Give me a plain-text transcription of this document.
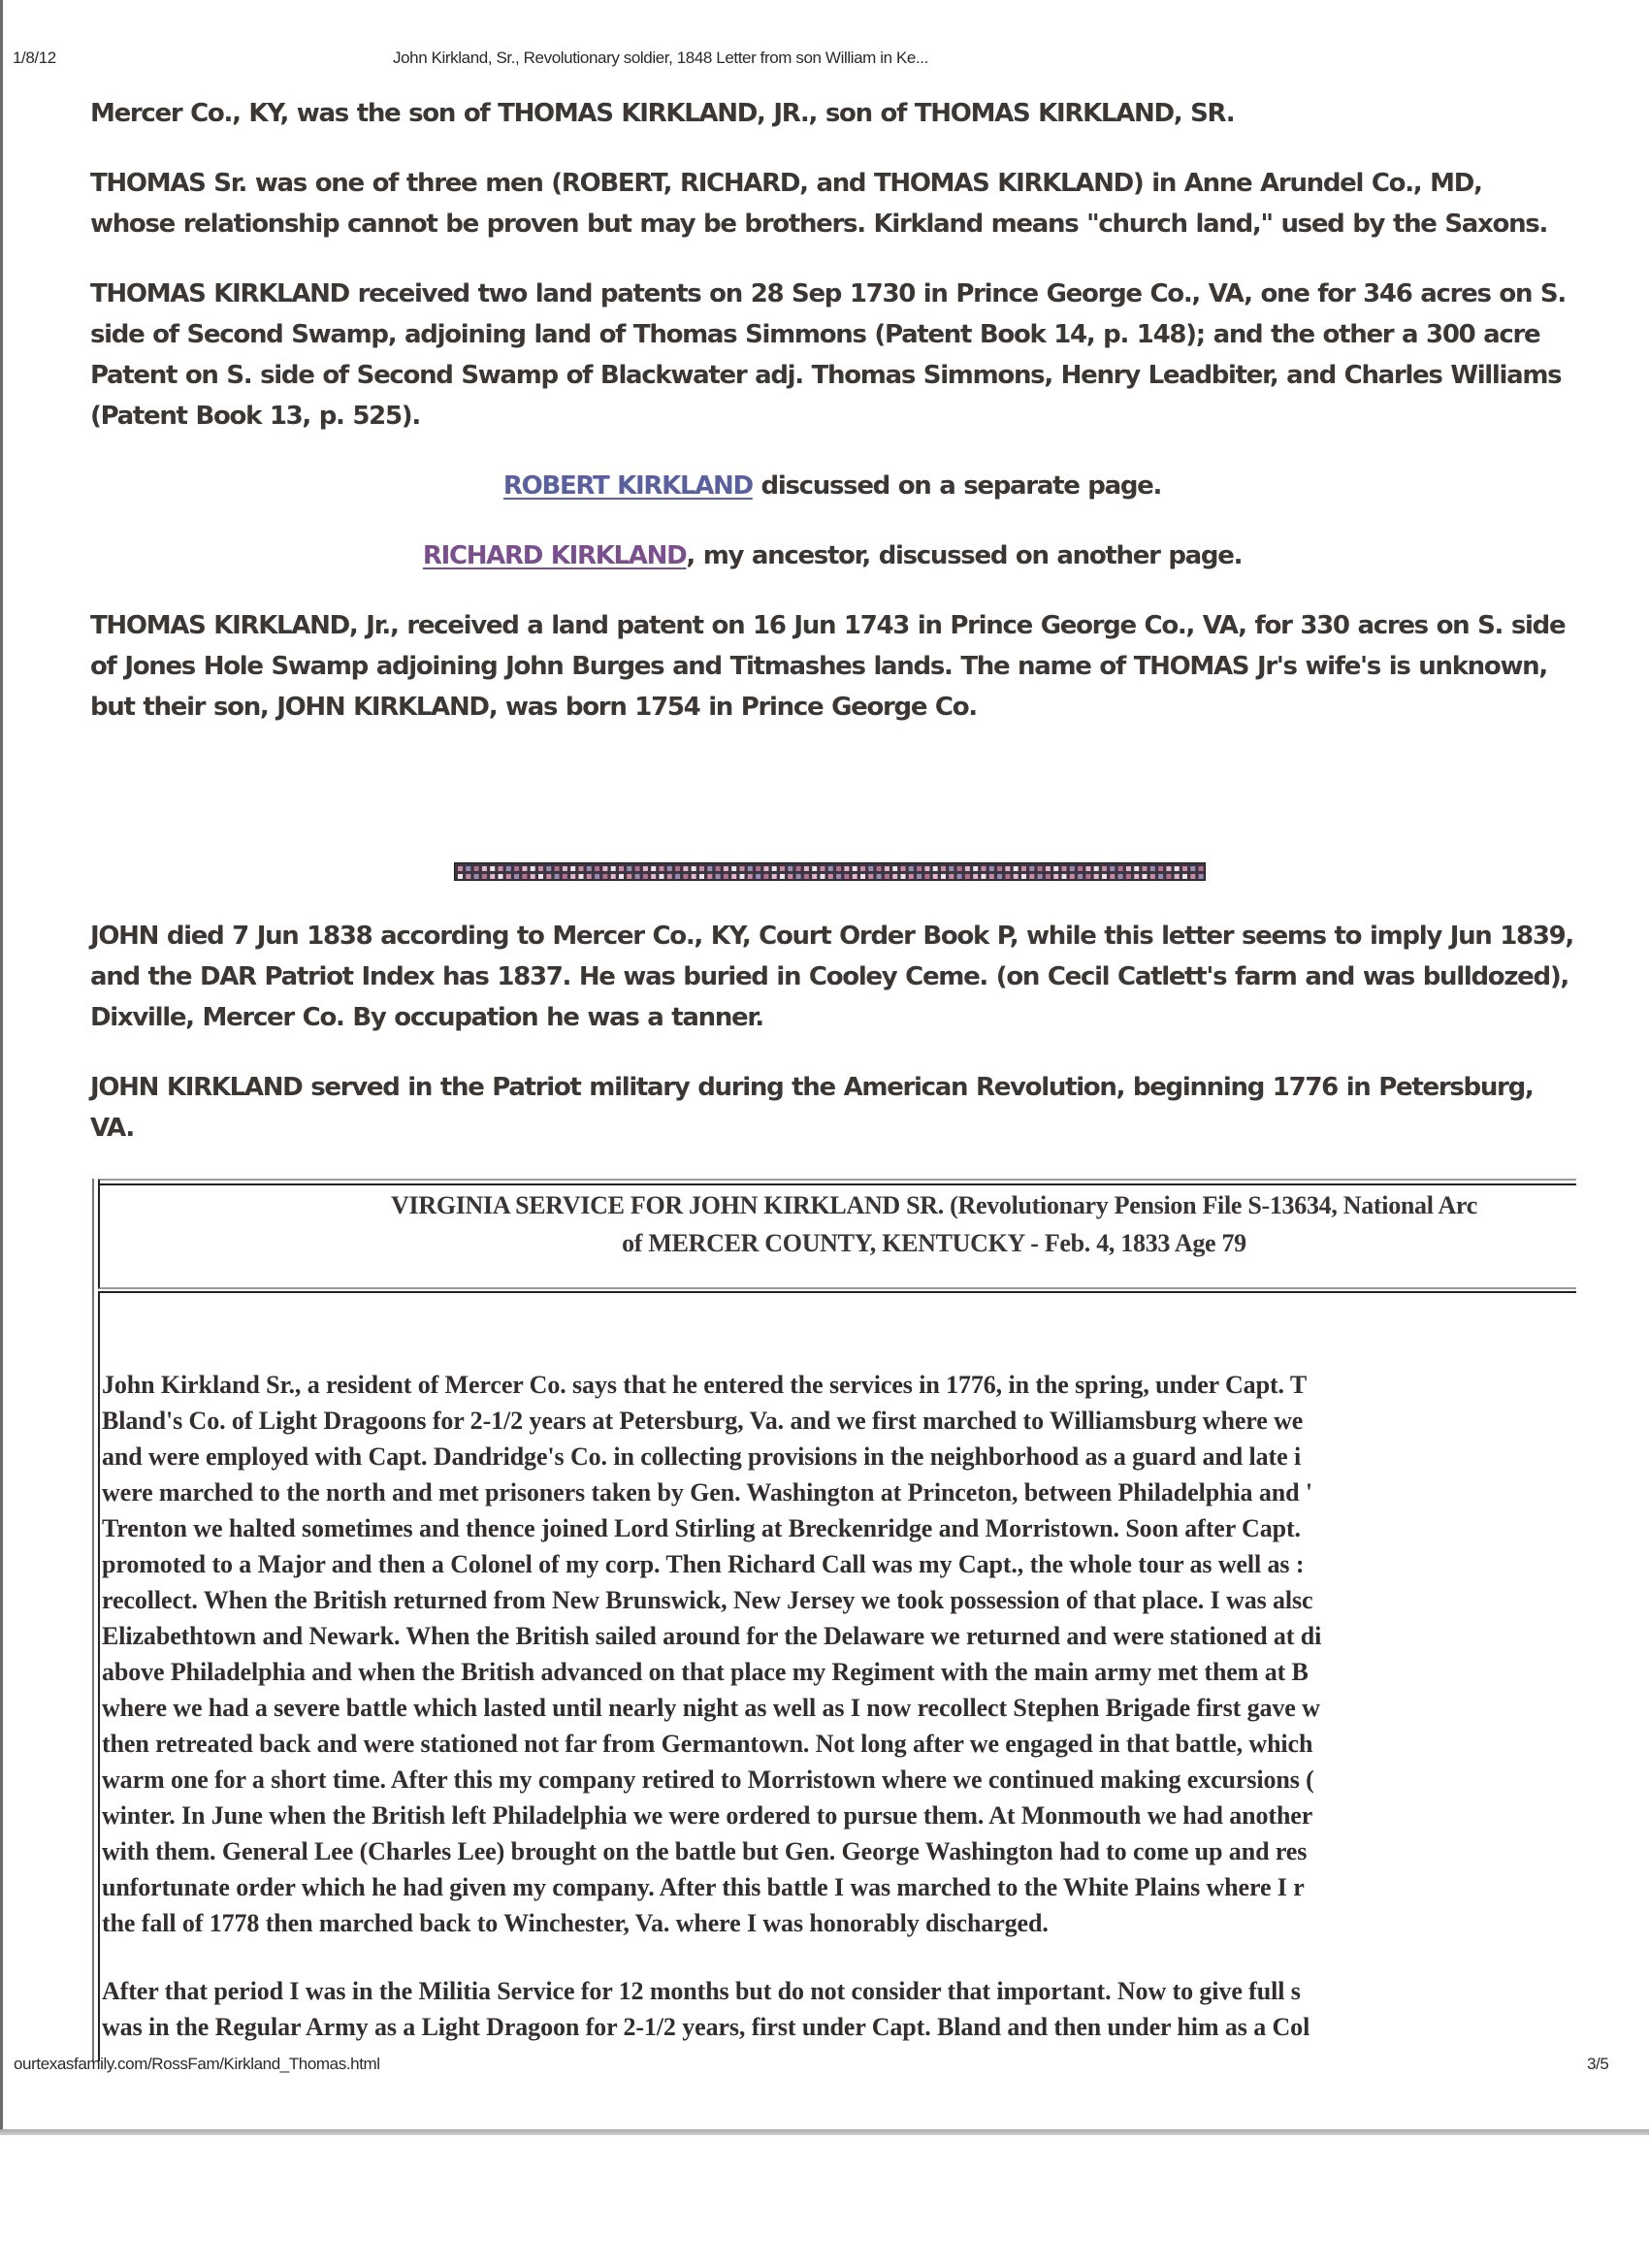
1/8/12	John Kirkland, Sr., Revolutionary soldier, 1848 Letter from son William in Ke...

Mercer Co., KY, was the son of THOMAS KIRKLAND, JR., son of THOMAS KIRKLAND, SR.

THOMAS Sr. was one of three men (ROBERT, RICHARD, and THOMAS KIRKLAND) in Anne Arundel Co., MD, whose relationship cannot be proven but may be brothers. Kirkland means "church land," used by the Saxons.

THOMAS KIRKLAND received two land patents on 28 Sep 1730 in Prince George Co., VA, one for 346 acres on S. side of Second Swamp, adjoining land of Thomas Simmons (Patent Book 14, p. 148); and the other a 300 acre Patent on S. side of Second Swamp of Blackwater adj. Thomas Simmons, Henry Leadbiter, and Charles Williams (Patent Book 13, p. 525).

ROBERT KIRKLAND discussed on a separate page.

RICHARD KIRKLAND, my ancestor, discussed on another page.

THOMAS KIRKLAND, Jr., received a land patent on 16 Jun 1743 in Prince George Co., VA, for 330 acres on S. side of Jones Hole Swamp adjoining John Burges and Titmashes lands. The name of THOMAS Jr's wife's is unknown, but their son, JOHN KIRKLAND, was born 1754 in Prince George Co.

JOHN died 7 Jun 1838 according to Mercer Co., KY, Court Order Book P, while this letter seems to imply Jun 1839, and the DAR Patriot Index has 1837. He was buried in Cooley Ceme. (on Cecil Catlett's farm and was bulldozed), Dixville, Mercer Co. By occupation he was a tanner.

JOHN KIRKLAND served in the Patriot military during the American Revolution, beginning 1776 in Petersburg, VA.

VIRGINIA SERVICE FOR JOHN KIRKLAND SR. (Revolutionary Pension File S-13634, National Arc
of MERCER COUNTY, KENTUCKY - Feb. 4, 1833 Age 79
John Kirkland Sr., a resident of Mercer Co. says that he entered the services in 1776, in the spring, under Capt. T
Bland's Co. of Light Dragoons for 2-1/2 years at Petersburg, Va. and we first marched to Williamsburg where we
and were employed with Capt. Dandridge's Co. in collecting provisions in the neighborhood as a guard and late i
were marched to the north and met prisoners taken by Gen. Washington at Princeton, between Philadelphia and '
Trenton we halted sometimes and thence joined Lord Stirling at Breckenridge and Morristown. Soon after Capt.
promoted to a Major and then a Colonel of my corp. Then Richard Call was my Capt., the whole tour as well as :
recollect. When the British returned from New Brunswick, New Jersey we took possession of that place. I was alsc
Elizabethtown and Newark. When the British sailed around for the Delaware we returned and were stationed at di
above Philadelphia and when the British advanced on that place my Regiment with the main army met them at B
where we had a severe battle which lasted until nearly night as well as I now recollect Stephen Brigade first gave w
then retreated back and were stationed not far from Germantown. Not long after we engaged in that battle, which
warm one for a short time. After this my company retired to Morristown where we continued making excursions (
winter. In June when the British left Philadelphia we were ordered to pursue them. At Monmouth we had another
with them. General Lee (Charles Lee) brought on the battle but Gen. George Washington had to come up and res
unfortunate order which he had given my company. After this battle I was marched to the White Plains where I r
the fall of 1778 then marched back to Winchester, Va. where I was honorably discharged.
After that period I was in the Militia Service for 12 months but do not consider that important. Now to give full s
was in the Regular Army as a Light Dragoon for 2-1/2 years, first under Capt. Bland and then under him as a Col
ourtexasfamily.com/RossFam/Kirkland_Thomas.html	3/5
